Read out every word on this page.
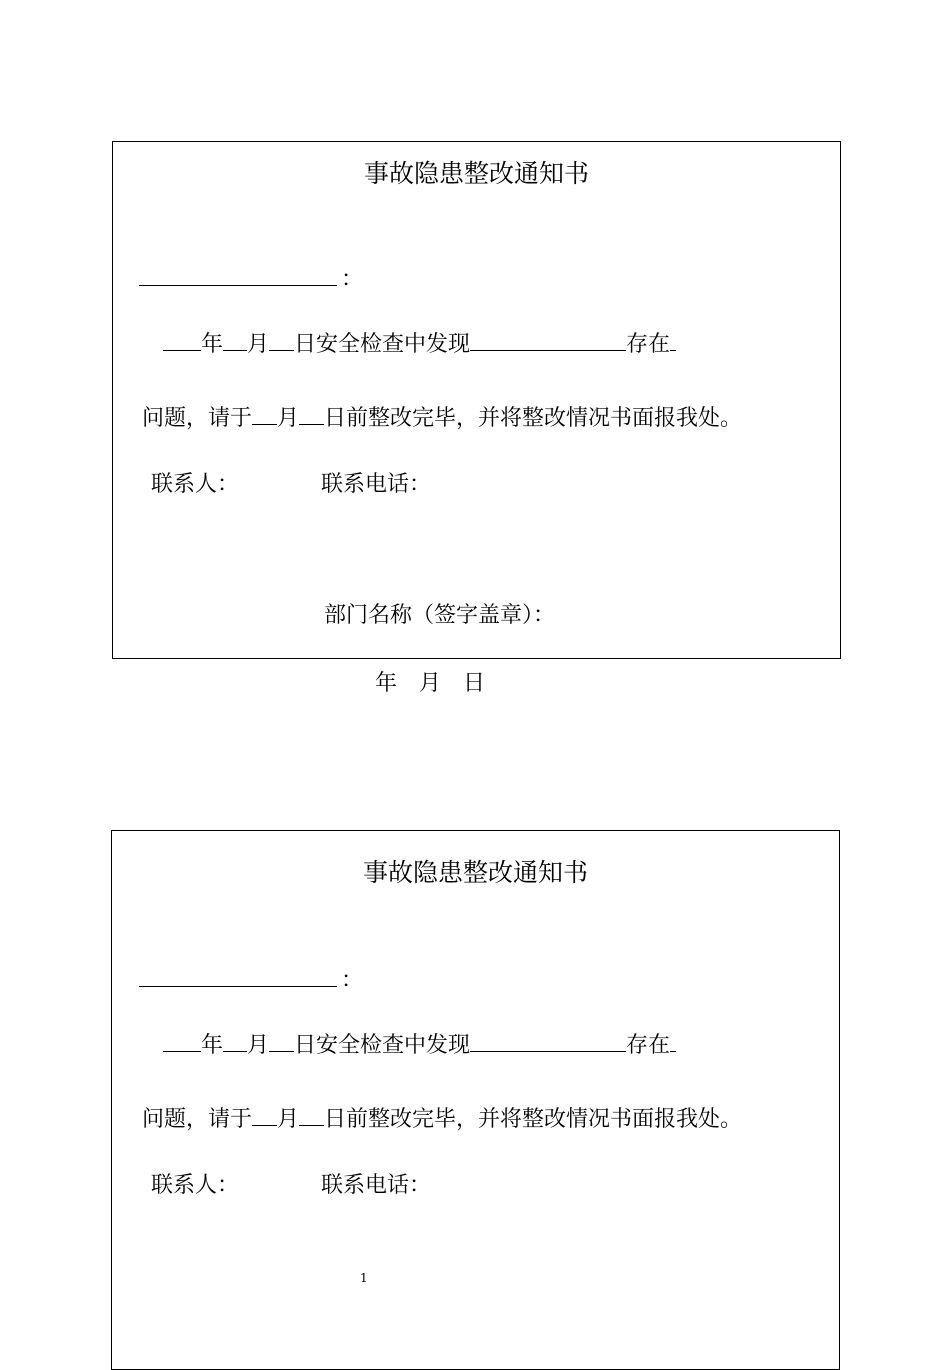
事故隐患整改通知书
：
年 月 日安全检查中发现	存在
问题，请于 月 日前整改完毕，并将整改情况书面报我处。
联系人：	联系电话：
部门名称（签字盖章）：
年 月 日
事故隐患整改通知书
：
年 月 日安全检查中发现	存在
问题，请于 月 日前整改完毕，并将整改情况书面报我处。
联系人：	联系电话：
1
